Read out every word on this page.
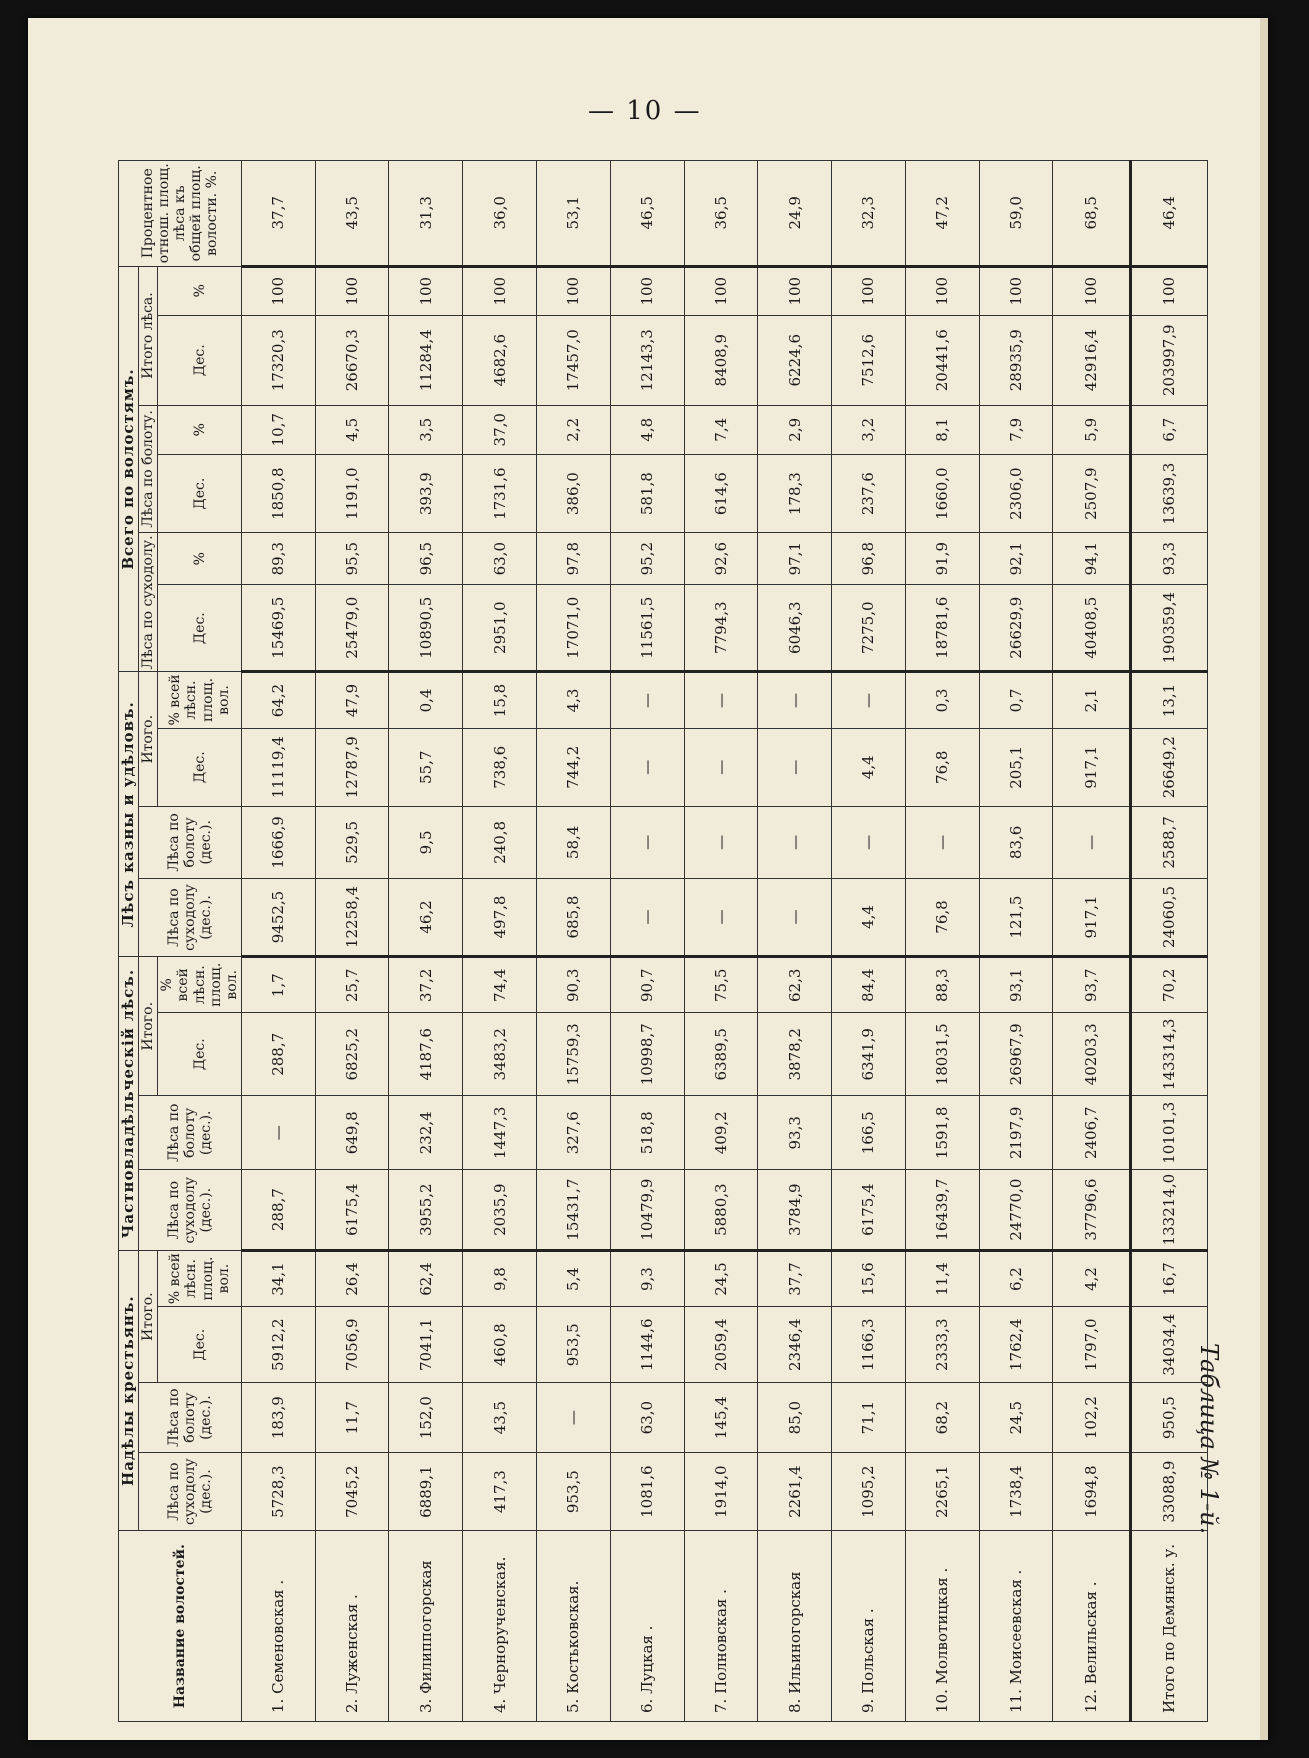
— 10 —
Таблица № 1-й.
Название волостей.	Надѣлы крестьянъ.				Частновладѣльческiй лѣсъ.				Лѣсъ казны и удѣловъ.				Всего по волостямъ.						Процентное отнош. площ. лѣса къ общей площ. волости. %.
	Лѣса по суходолу (дес.).	Лѣса по болоту (дес.).	Итого.		Лѣса по суходолу (дес.).	Лѣса по болоту (дес.).	Итого.		Лѣса по суходолу (дес.).	Лѣса по болоту (дес.).	Итого.		Лѣса по суходолу.		Лѣса по болоту.		Итого лѣса.		
			Дес.	% всей лѣсн. площ. вол.			Дес.	% всей лѣсн. площ. вол.			Дес.	% всей лѣсн. площ. вол.	Дес.	%	Дес.	%	Дес.	%	
1. Семеновская .	5728,3	183,9	5912,2	34,1	288,7	—	288,7	1,7	9452,5	1666,9	11119,4	64,2	15469,5	89,3	1850,8	10,7	17320,3	100	37,7
2. Луженская .	7045,2	11,7	7056,9	26,4	6175,4	649,8	6825,2	25,7	12258,4	529,5	12787,9	47,9	25479,0	95,5	1191,0	4,5	26670,3	100	43,5
3. Филиппогорская	6889,1	152,0	7041,1	62,4	3955,2	232,4	4187,6	37,2	46,2	9,5	55,7	0,4	10890,5	96,5	393,9	3,5	11284,4	100	31,3
4. Чернорученская.	417,3	43,5	460,8	9,8	2035,9	1447,3	3483,2	74,4	497,8	240,8	738,6	15,8	2951,0	63,0	1731,6	37,0	4682,6	100	36,0
5. Костьковская.	953,5	—	953,5	5,4	15431,7	327,6	15759,3	90,3	685,8	58,4	744,2	4,3	17071,0	97,8	386,0	2,2	17457,0	100	53,1
6. Луцкая .	1081,6	63,0	1144,6	9,3	10479,9	518,8	10998,7	90,7	—	—	—	—	11561,5	95,2	581,8	4,8	12143,3	100	46,5
7. Полновская .	1914,0	145,4	2059,4	24,5	5880,3	409,2	6389,5	75,5	—	—	—	—	7794,3	92,6	614,6	7,4	8408,9	100	36,5
8. Ильиногорская	2261,4	85,0	2346,4	37,7	3784,9	93,3	3878,2	62,3	—	—	—	—	6046,3	97,1	178,3	2,9	6224,6	100	24,9
9. Польская .	1095,2	71,1	1166,3	15,6	6175,4	166,5	6341,9	84,4	4,4	—	4,4	—	7275,0	96,8	237,6	3,2	7512,6	100	32,3
10. Молвотицкая .	2265,1	68,2	2333,3	11,4	16439,7	1591,8	18031,5	88,3	76,8	—	76,8	0,3	18781,6	91,9	1660,0	8,1	20441,6	100	47,2
11. Моисеевская .	1738,4	24,5	1762,4	6,2	24770,0	2197,9	26967,9	93,1	121,5	83,6	205,1	0,7	26629,9	92,1	2306,0	7,9	28935,9	100	59,0
12. Велильская .	1694,8	102,2	1797,0	4,2	37796,6	2406,7	40203,3	93,7	917,1	—	917,1	2,1	40408,5	94,1	2507,9	5,9	42916,4	100	68,5
Итого по Демянск. у.	33088,9	950,5	34034,4	16,7	133214,0	10101,3	143314,3	70,2	24060,5	2588,7	26649,2	13,1	190359,4	93,3	13639,3	6,7	203997,9	100	46,4
